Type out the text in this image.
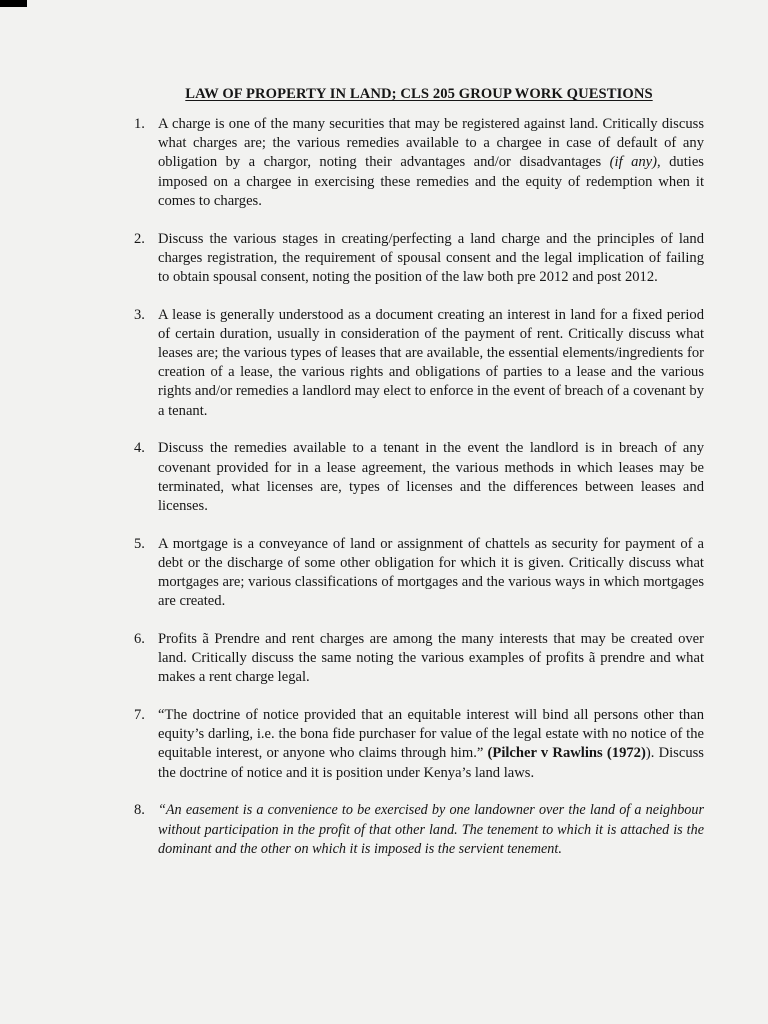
LAW OF PROPERTY IN LAND; CLS 205 GROUP WORK QUESTIONS
1. A charge is one of the many securities that may be registered against land. Critically discuss what charges are; the various remedies available to a chargee in case of default of any obligation by a chargor, noting their advantages and/or disadvantages (if any), duties imposed on a chargee in exercising these remedies and the equity of redemption when it comes to charges.
2. Discuss the various stages in creating/perfecting a land charge and the principles of land charges registration, the requirement of spousal consent and the legal implication of failing to obtain spousal consent, noting the position of the law both pre 2012 and post 2012.
3. A lease is generally understood as a document creating an interest in land for a fixed period of certain duration, usually in consideration of the payment of rent. Critically discuss what leases are; the various types of leases that are available, the essential elements/ingredients for creation of a lease, the various rights and obligations of parties to a lease and the various rights and/or remedies a landlord may elect to enforce in the event of breach of a covenant by a tenant.
4. Discuss the remedies available to a tenant in the event the landlord is in breach of any covenant provided for in a lease agreement, the various methods in which leases may be terminated, what licenses are, types of licenses and the differences between leases and licenses.
5. A mortgage is a conveyance of land or assignment of chattels as security for payment of a debt or the discharge of some other obligation for which it is given. Critically discuss what mortgages are; various classifications of mortgages and the various ways in which mortgages are created.
6. Profits ã Prendre and rent charges are among the many interests that may be created over land. Critically discuss the same noting the various examples of profits ã prendre and what makes a rent charge legal.
7. “The doctrine of notice provided that an equitable interest will bind all persons other than equity’s darling, i.e. the bona fide purchaser for value of the legal estate with no notice of the equitable interest, or anyone who claims through him.” (Pilcher v Rawlins (1972)). Discuss the doctrine of notice and it is position under Kenya’s land laws.
8. “An easement is a convenience to be exercised by one landowner over the land of a neighbour without participation in the profit of that other land. The tenement to which it is attached is the dominant and the other on which it is imposed is the servient tenement.
